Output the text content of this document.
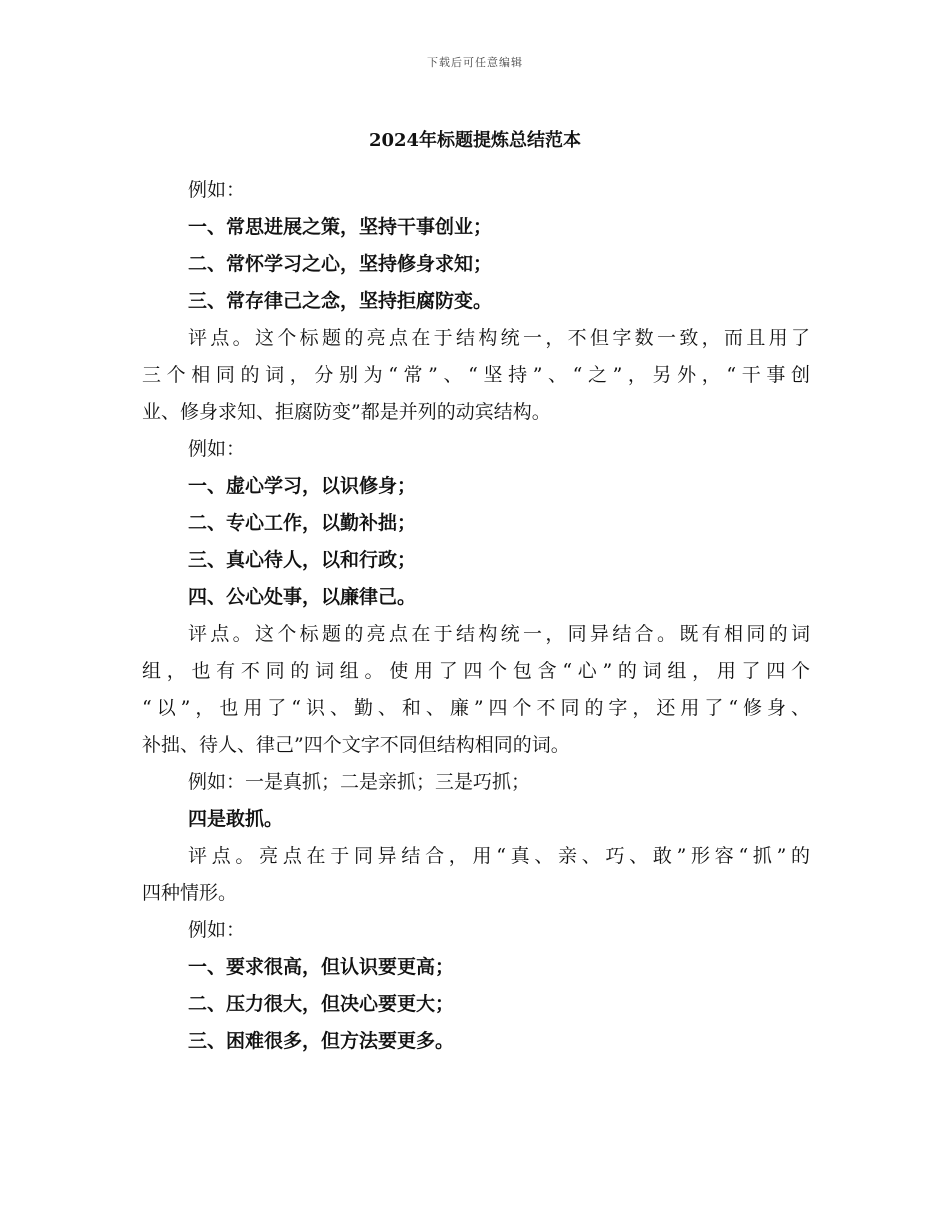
下载后可任意编辑
2024年标题提炼总结范本
例如：
一、常思进展之策，坚持干事创业；
二、常怀学习之心，坚持修身求知；
三、常存律己之念，坚持拒腐防变。
评点。这个标题的亮点在于结构统一，不但字数一致，而且用了
三个相同的词，分别为“常”、“坚持”、“之”，另外，“干事创
业、修身求知、拒腐防变”都是并列的动宾结构。
例如：
一、虚心学习，以识修身；
二、专心工作，以勤补拙；
三、真心待人，以和行政；
四、公心处事，以廉律己。
评点。这个标题的亮点在于结构统一，同异结合。既有相同的词
组，也有不同的词组。使用了四个包含“心”的词组，用了四个
“以”，也用了“识、勤、和、廉”四个不同的字，还用了“修身、
补拙、待人、律己”四个文字不同但结构相同的词。
例如：一是真抓；二是亲抓；三是巧抓；
四是敢抓。
评点。亮点在于同异结合，用“真、亲、巧、敢”形容“抓”的
四种情形。
例如：
一、要求很高，但认识要更高；
二、压力很大，但决心要更大；
三、困难很多，但方法要更多。
